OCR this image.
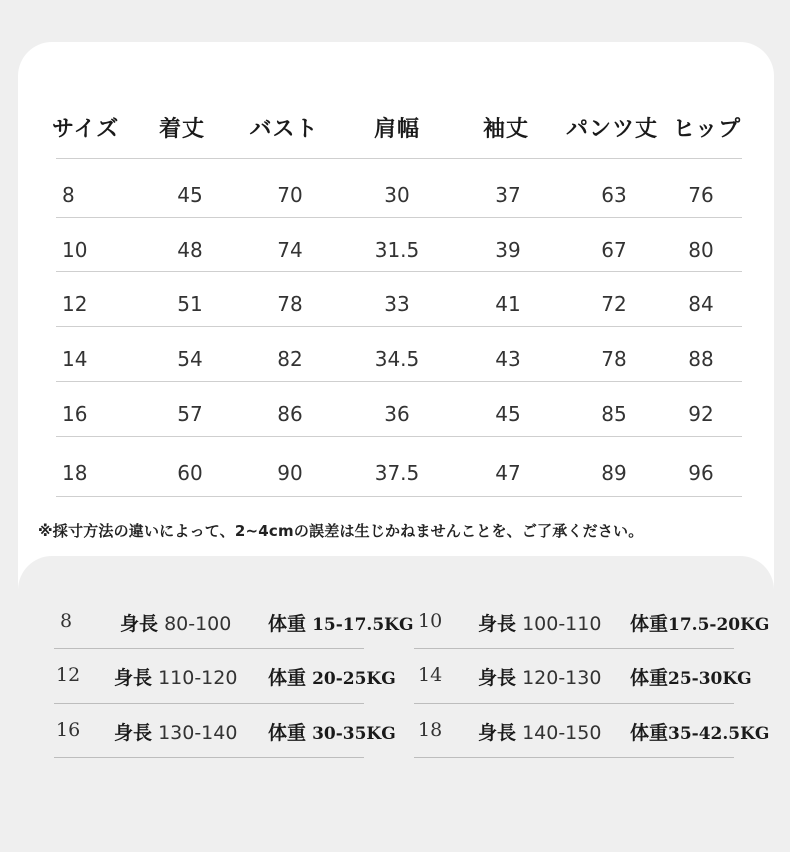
サイズ 着丈 バスト	肩幅	袖丈 パンツ丈 ヒップ
8	45	70	30	37	63	76
10	48	74	31.5	39	67	80
12	51	78	33	41	72	84
14	54	82	34.5	43	78	88
16	57	86	36	45	85	92
18	60	90	37.5	47	89	96
※採寸方法の違いによって、2~4cmの誤差は生じかねませんことを、ご了承ください。
8	身長 80-100 体重 15-17.5KG 10 身長 100-110 体重17.5-20KG
12 身長 110-120 体重 20-25KG 14 身長 120-130 体重25-30KG
16 身長 130-140 体重 30-35KG 18 身長 140-150 体重35-42.5KG
